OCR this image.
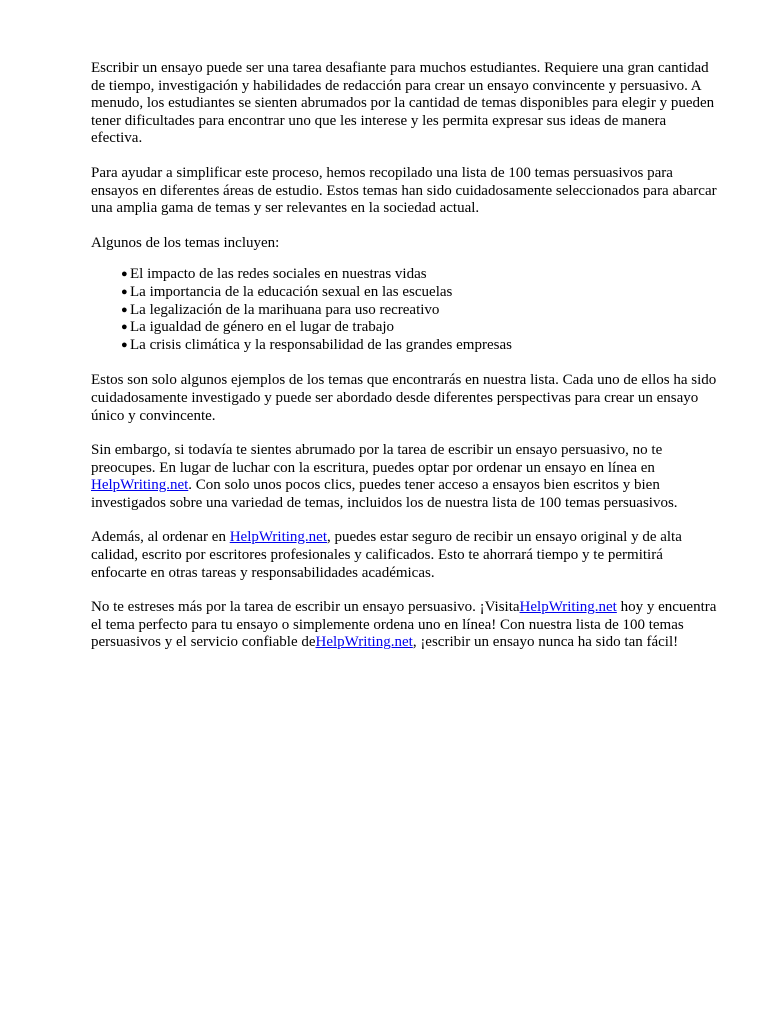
Escribir un ensayo puede ser una tarea desafiante para muchos estudiantes. Requiere una gran cantidad de tiempo, investigación y habilidades de redacción para crear un ensayo convincente y persuasivo. A menudo, los estudiantes se sienten abrumados por la cantidad de temas disponibles para elegir y pueden tener dificultades para encontrar uno que les interese y les permita expresar sus ideas de manera efectiva.

Para ayudar a simplificar este proceso, hemos recopilado una lista de 100 temas persuasivos para ensayos en diferentes áreas de estudio. Estos temas han sido cuidadosamente seleccionados para abarcar una amplia gama de temas y ser relevantes en la sociedad actual.

Algunos de los temas incluyen:

● El impacto de las redes sociales en nuestras vidas
● La importancia de la educación sexual en las escuelas
● La legalización de la marihuana para uso recreativo
● La igualdad de género en el lugar de trabajo
● La crisis climática y la responsabilidad de las grandes empresas

Estos son solo algunos ejemplos de los temas que encontrarás en nuestra lista. Cada uno de ellos ha sido cuidadosamente investigado y puede ser abordado desde diferentes perspectivas para crear un ensayo único y convincente.

Sin embargo, si todavía te sientes abrumado por la tarea de escribir un ensayo persuasivo, no te preocupes. En lugar de luchar con la escritura, puedes optar por ordenar un ensayo en línea en HelpWriting.net. Con solo unos pocos clics, puedes tener acceso a ensayos bien escritos y bien investigados sobre una variedad de temas, incluidos los de nuestra lista de 100 temas persuasivos.

Además, al ordenar en HelpWriting.net, puedes estar seguro de recibir un ensayo original y de alta calidad, escrito por escritores profesionales y calificados. Esto te ahorrará tiempo y te permitirá enfocarte en otras tareas y responsabilidades académicas.

No te estreses más por la tarea de escribir un ensayo persuasivo. ¡VisitaHelpWriting.net hoy y encuentra el tema perfecto para tu ensayo o simplemente ordena uno en línea! Con nuestra lista de 100 temas persuasivos y el servicio confiable deHelpWriting.net, ¡escribir un ensayo nunca ha sido tan fácil!
